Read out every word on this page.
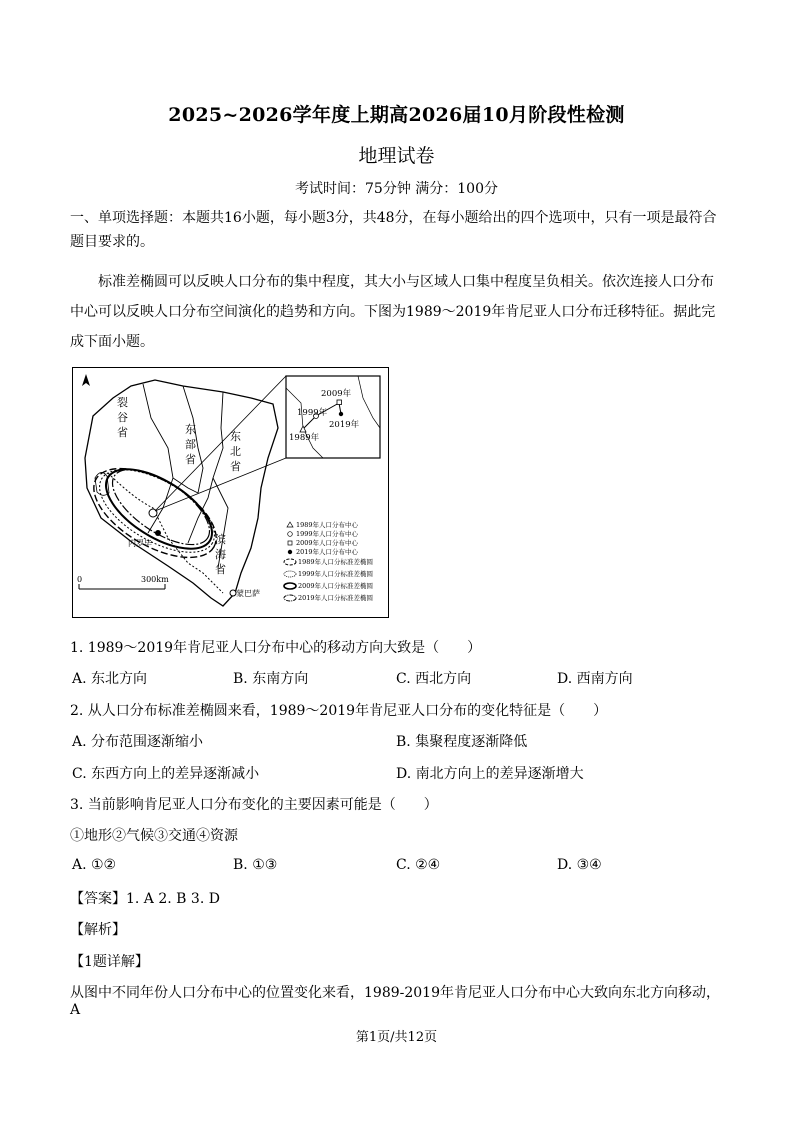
2025~2026学年度上期高2026届10月阶段性检测
地理试卷
考试时间：75分钟 满分：100分
一、单项选择题：本题共16小题，每小题3分，共48分，在每小题给出的四个选项中，只有一项是最符合题目要求的。
标准差椭圆可以反映人口分布的集中程度，其大小与区域人口集中程度呈负相关。依次连接人口分布中心可以反映人口分布空间演化的趋势和方向。下图为1989～2019年肯尼亚人口分布迁移特征。据此完成下面小题。
裂
谷
省	东
部
省
东
北
省
滨
海
省
内罗毕
蒙巴萨
2009年
1999年
2019年
1989年
0	300km
1989年人口分布中心
1999年人口分布中心
2009年人口分布中心
2019年人口分布中心
1989年人口分标准差椭圆
1999年人口分标准差椭圆
2009年人口分标准差椭圆
2019年人口分标准差椭圆
1. 1989～2019年肯尼亚人口分布中心的移动方向大致是（　　）
A. 东北方向	B. 东南方向	C. 西北方向	D. 西南方向
2. 从人口分布标准差椭圆来看，1989～2019年肯尼亚人口分布的变化特征是（　　）
A. 分布范围逐渐缩小	B. 集聚程度逐渐降低
C. 东西方向上的差异逐渐减小	D. 南北方向上的差异逐渐增大
3. 当前影响肯尼亚人口分布变化的主要因素可能是（　　）
①地形②气候③交通④资源
A. ①②	B. ①③	C. ②④	D. ③④
【答案】1. A 2. B 3. D
【解析】
【1题详解】
从图中不同年份人口分布中心的位置变化来看，1989-2019年肯尼亚人口分布中心大致向东北方向移动，A
第1页/共12页
